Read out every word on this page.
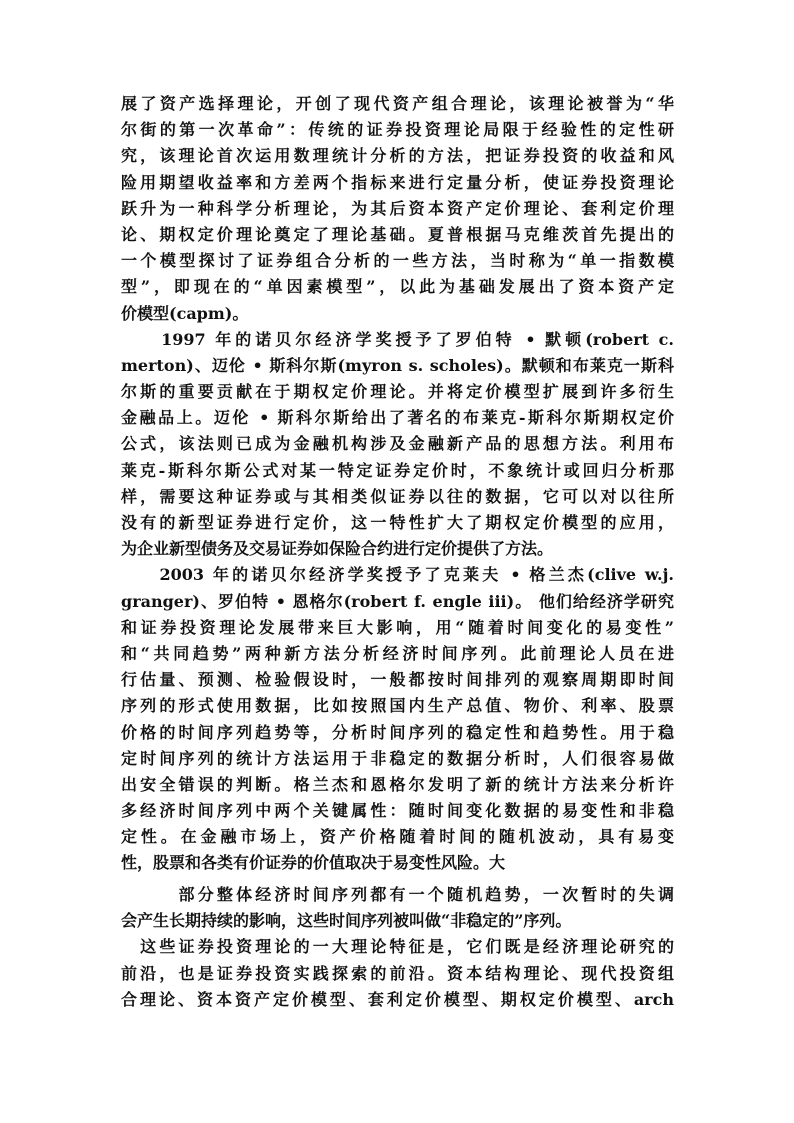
展了资产选择理论，开创了现代资产组合理论，该理论被誉为“华
尔街的第一次革命”：传统的证券投资理论局限于经验性的定性研
究，该理论首次运用数理统计分析的方法，把证券投资的收益和风
险用期望收益率和方差两个指标来进行定量分析，使证券投资理论
跃升为一种科学分析理论，为其后资本资产定价理论、套利定价理
论、期权定价理论奠定了理论基础。夏普根据马克维茨首先提出的
一个模型探讨了证券组合分析的一些方法，当时称为“单一指数模
型”，即现在的“单因素模型”，以此为基础发展出了资本资产定
价模型(capm)。
　　1997 年的诺贝尔经济学奖授予了罗伯特 • 默顿(robert c.
merton)、迈伦 • 斯科尔斯(myron s. scholes)。默顿和布莱克一斯科
尔斯的重要贡献在于期权定价理论。并将定价模型扩展到许多衍生
金融品上。迈伦 • 斯科尔斯给出了著名的布莱克-斯科尔斯期权定价
公式，该法则已成为金融机构涉及金融新产品的思想方法。利用布
莱克-斯科尔斯公式对某一特定证券定价时，不象统计或回归分析那
样，需要这种证券或与其相类似证券以往的数据，它可以对以往所
没有的新型证券进行定价，这一特性扩大了期权定价模型的应用，
为企业新型债务及交易证券如保险合约进行定价提供了方法。
　　2003 年的诺贝尔经济学奖授予了克莱夫 • 格兰杰(clive w.j.
granger)、罗伯特 • 恩格尔(robert f. engle iii)。 他们给经济学研究
和证券投资理论发展带来巨大影响，用“随着时间变化的易变性”
和“共同趋势”两种新方法分析经济时间序列。此前理论人员在进
行估量、预测、检验假设时，一般都按时间排列的观察周期即时间
序列的形式使用数据，比如按照国内生产总值、物价、利率、股票
价格的时间序列趋势等，分析时间序列的稳定性和趋势性。用于稳
定时间序列的统计方法运用于非稳定的数据分析时，人们很容易做
出安全错误的判断。格兰杰和恩格尔发明了新的统计方法来分析许
多经济时间序列中两个关键属性：随时间变化数据的易变性和非稳
定性。在金融市场上，资产价格随着时间的随机波动，具有易变
性，股票和各类有价证券的价值取决于易变性风险。大
　　　部分整体经济时间序列都有一个随机趋势，一次暂时的失调
会产生长期持续的影响，这些时间序列被叫做“非稳定的”序列。
　这些证券投资理论的一大理论特征是，它们既是经济理论研究的
前沿，也是证券投资实践探索的前沿。资本结构理论、现代投资组
合理论、资本资产定价模型、套利定价模型、期权定价模型、arch
